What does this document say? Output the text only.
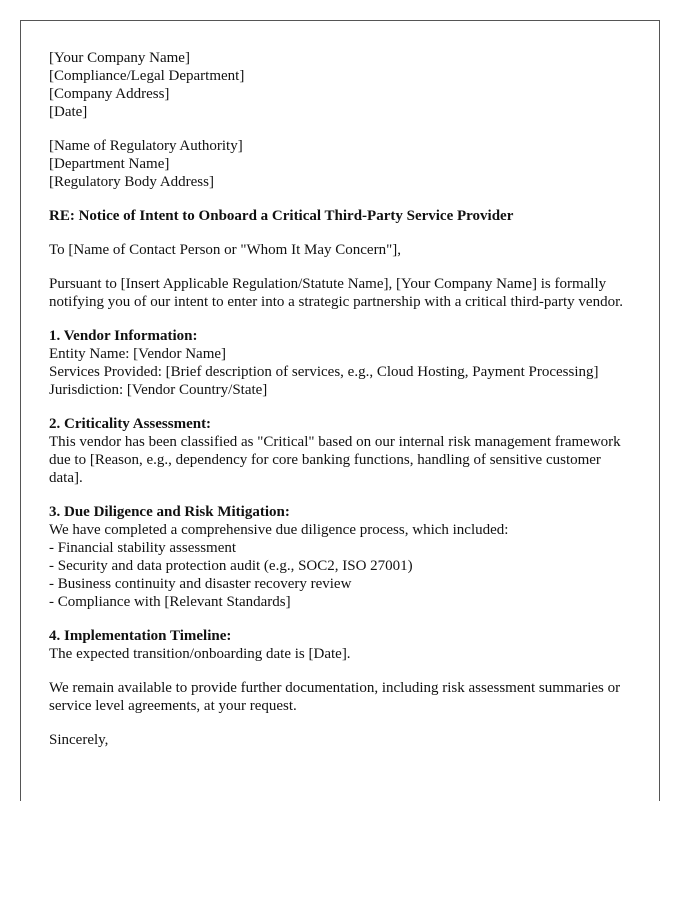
[Your Company Name]
[Compliance/Legal Department]
[Company Address]
[Date]
[Name of Regulatory Authority]
[Department Name]
[Regulatory Body Address]
RE: Notice of Intent to Onboard a Critical Third-Party Service Provider
To [Name of Contact Person or "Whom It May Concern"],
Pursuant to [Insert Applicable Regulation/Statute Name], [Your Company Name] is formally notifying you of our intent to enter into a strategic partnership with a critical third-party vendor.
1. Vendor Information:
Entity Name: [Vendor Name]
Services Provided: [Brief description of services, e.g., Cloud Hosting, Payment Processing]
Jurisdiction: [Vendor Country/State]
2. Criticality Assessment:
This vendor has been classified as "Critical" based on our internal risk management framework due to [Reason, e.g., dependency for core banking functions, handling of sensitive customer data].
3. Due Diligence and Risk Mitigation:
We have completed a comprehensive due diligence process, which included:
- Financial stability assessment
- Security and data protection audit (e.g., SOC2, ISO 27001)
- Business continuity and disaster recovery review
- Compliance with [Relevant Standards]
4. Implementation Timeline:
The expected transition/onboarding date is [Date].
We remain available to provide further documentation, including risk assessment summaries or service level agreements, at your request.
Sincerely,
